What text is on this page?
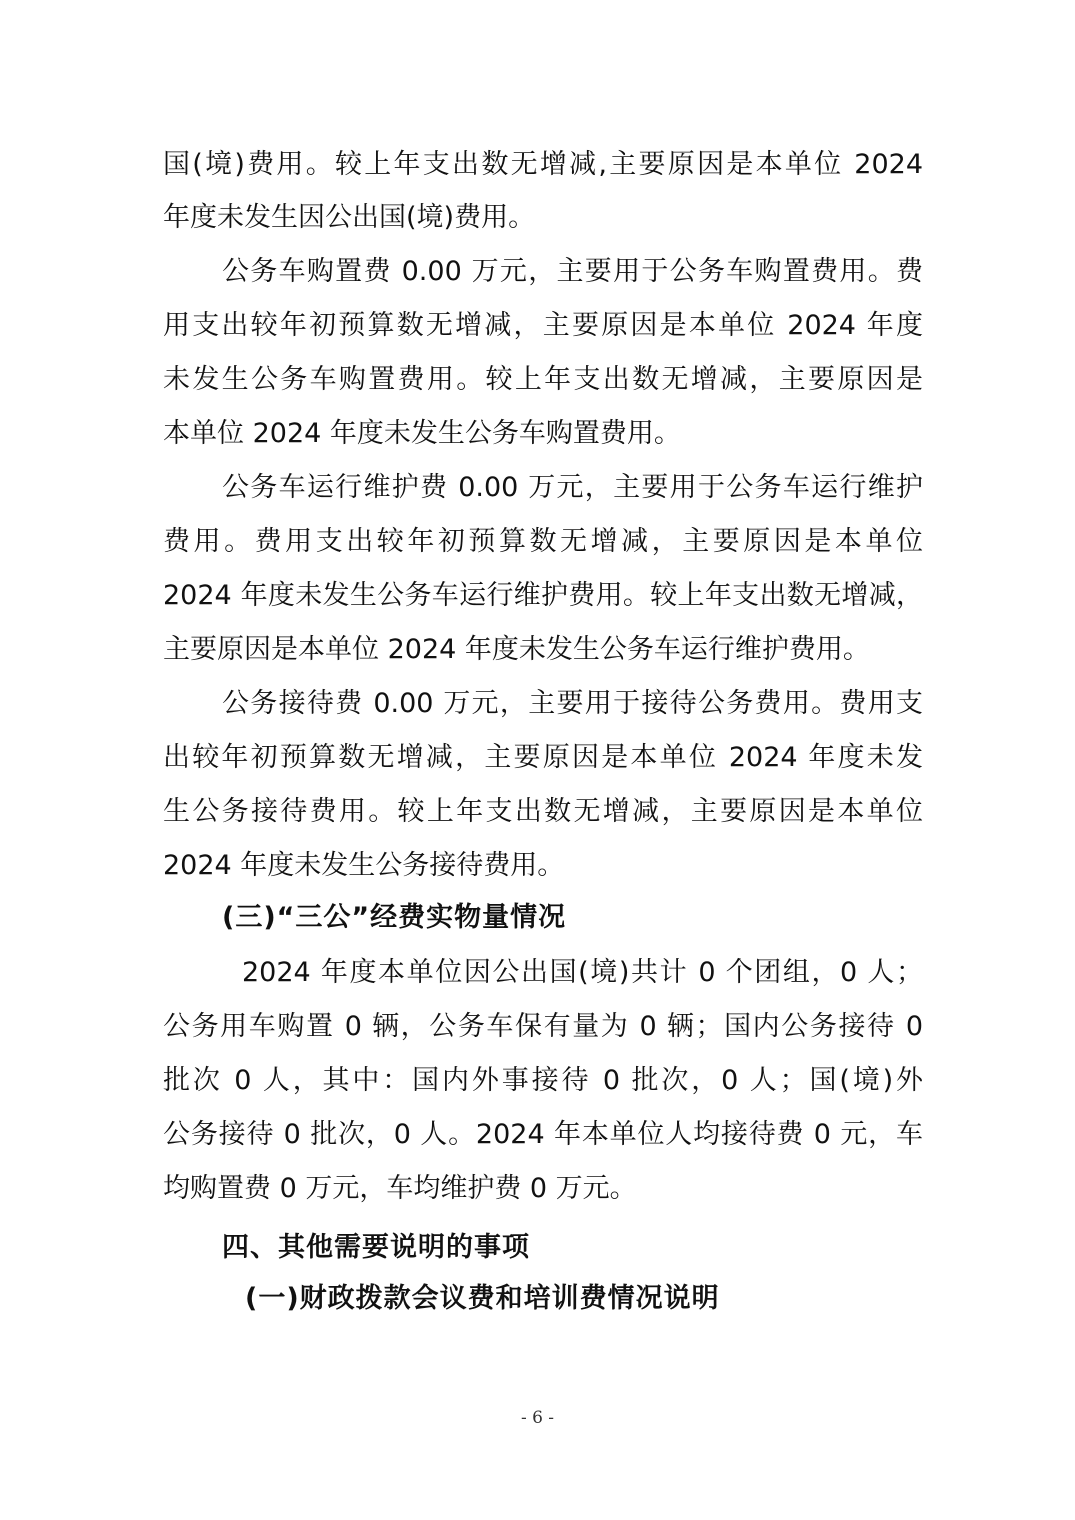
国(境)费用。较上年支出数无增减,主要原因是本单位 2024
年度未发生因公出国(境)费用。
公务车购置费 0.00 万元，主要用于公务车购置费用。费
用支出较年初预算数无增减，主要原因是本单位 2024 年度
未发生公务车购置费用。较上年支出数无增减，主要原因是
本单位 2024 年度未发生公务车购置费用。
公务车运行维护费 0.00 万元，主要用于公务车运行维护
费用。费用支出较年初预算数无增减，主要原因是本单位
2024 年度未发生公务车运行维护费用。较上年支出数无增减，
主要原因是本单位 2024 年度未发生公务车运行维护费用。
公务接待费 0.00 万元，主要用于接待公务费用。费用支
出较年初预算数无增减，主要原因是本单位 2024 年度未发
生公务接待费用。较上年支出数无增减，主要原因是本单位
2024 年度未发生公务接待费用。
(三)“三公”经费实物量情况
2024 年度本单位因公出国(境)共计 0 个团组，0 人；
公务用车购置 0 辆，公务车保有量为 0 辆；国内公务接待 0
批次 0 人，其中：国内外事接待 0 批次，0 人；国(境)外
公务接待 0 批次，0 人。2024 年本单位人均接待费 0 元，车
均购置费 0 万元，车均维护费 0 万元。
四、其他需要说明的事项
(一)财政拨款会议费和培训费情况说明
- 6 -
